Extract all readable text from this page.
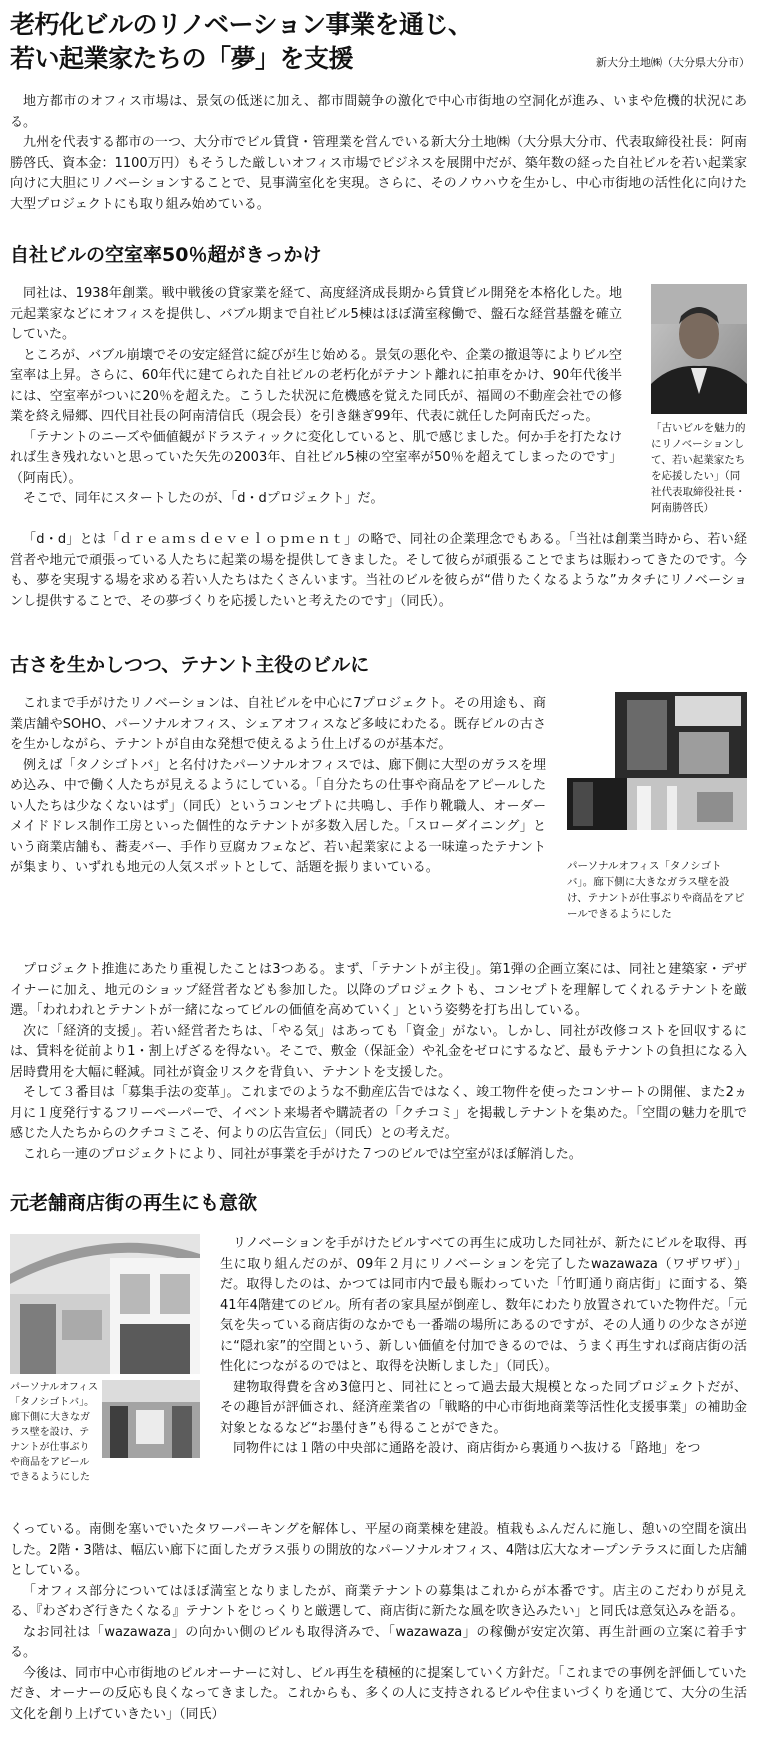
老朽化ビルのリノベーション事業を通じ、
若い起業家たちの「夢」を支援	新大分土地㈱（大分県大分市）

地方都市のオフィス市場は、景気の低迷に加え、都市間競争の激化で中心市街地の空洞化が進み、いまや危機的状況にある。

九州を代表する都市の一つ、大分市でビル賃貸・管理業を営んでいる新大分土地㈱（大分県大分市、代表取締役社長：阿南勝啓氏、資本金：1100万円）もそうした厳しいオフィス市場でビジネスを展開中だが、築年数の経った自社ビルを若い起業家向けに大胆にリノベーションすることで、見事満室化を実現。さらに、そのノウハウを生かし、中心市街地の活性化に向けた大型プロジェクトにも取り組み始めている。

自社ビルの空室率50％超がきっかけ

同社は、1938年創業。戦中戦後の貸家業を経て、高度経済成長期から賃貸ビル開発を本格化した。地元起業家などにオフィスを提供し、バブル期まで自社ビル5棟はほぼ満室稼働で、盤石な経営基盤を確立していた。

ところが、バブル崩壊でその安定経営に綻びが生じ始める。景気の悪化や、企業の撤退等によりビル空室率は上昇。さらに、60年代に建てられた自社ビルの老朽化がテナント離れに拍車をかけ、90年代後半には、空室率がついに20％を超えた。こうした状況に危機感を覚えた同氏が、福岡の不動産会社での修業を終え帰郷、四代目社長の阿南清信氏（現会長）を引き継ぎ99年、代表に就任した阿南氏だった。

「テナントのニーズや価値観がドラスティックに変化していると、肌で感じました。何か手を打たなければ生き残れないと思っていた矢先の2003年、自社ビル5棟の空室率が50％を超えてしまったのです」（阿南氏）。

そこで、同年にスタートしたのが、「d・dプロジェクト」だ。

「古いビルを魅力的にリノベーションして、若い起業家たちを応援したい」（同社代表取締役社長・阿南勝啓氏）

「d・d」とは「ｄｒｅａｍｓｄｅｖｅｌｏｐｍｅｎｔ」の略で、同社の企業理念でもある。「当社は創業当時から、若い経営者や地元で頑張っている人たちに起業の場を提供してきました。そして彼らが頑張ることでまちは賑わってきたのです。今も、夢を実現する場を求める若い人たちはたくさんいます。当社のビルを彼らが“借りたくなるような”カタチにリノベーションし提供することで、その夢づくりを応援したいと考えたのです」（同氏）。

古さを生かしつつ、テナント主役のビルに

これまで手がけたリノベーションは、自社ビルを中心に7プロジェクト。その用途も、商業店舗やSOHO、パーソナルオフィス、シェアオフィスなど多岐にわたる。既存ビルの古さを生かしながら、テナントが自由な発想で使えるよう仕上げるのが基本だ。

例えば「タノシゴトバ」と名付けたパーソナルオフィスでは、廊下側に大型のガラスを埋め込み、中で働く人たちが見えるようにしている。「自分たちの仕事や商品をアピールしたい人たちは少なくないはず」（同氏）というコンセプトに共鳴し、手作り靴職人、オーダーメイドドレス制作工房といった個性的なテナントが多数入居した。「スローダイニング」という商業店舗も、蕎麦バー、手作り豆腐カフェなど、若い起業家による一味違ったテナントが集まり、いずれも地元の人気スポットとして、話題を振りまいている。	パーソナルオフィス「タノシゴトバ」。廊下側に大きなガラス壁を設け、テナントが仕事ぶりや商品をアピールできるようにした

プロジェクト推進にあたり重視したことは3つある。まず、「テナントが主役」。第1弾の企画立案には、同社と建築家・デザイナーに加え、地元のショップ経営者なども参加した。以降のプロジェクトも、コンセプトを理解してくれるテナントを厳選。「われわれとテナントが一緒になってビルの価値を高めていく」という姿勢を打ち出している。

次に「経済的支援」。若い経営者たちは、「やる気」はあっても「資金」がない。しかし、同社が改修コストを回収するには、賃料を従前より1・割上げざるを得ない。そこで、敷金（保証金）や礼金をゼロにするなど、最もテナントの負担になる入居時費用を大幅に軽減。同社が資金リスクを背負い、テナントを支援した。

そして３番目は「募集手法の変革」。これまでのような不動産広告ではなく、竣工物件を使ったコンサートの開催、また2ヵ月に１度発行するフリーペーパーで、イベント来場者や購読者の「クチコミ」を掲載しテナントを集めた。「空間の魅力を肌で感じた人たちからのクチコミこそ、何よりの広告宣伝」（同氏）との考えだ。

これら一連のプロジェクトにより、同社が事業を手がけた７つのビルでは空室がほぼ解消した。

元老舗商店街の再生にも意欲
パーソナルオフィス「タノシゴトバ」。廊下側に大きなガラス壁を設け、テナントが仕事ぶりや商品をアピールできるようにした

リノベーションを手がけたビルすべての再生に成功した同社が、新たにビルを取得、再生に取り組んだのが、09年２月にリノベーションを完了したwazawaza（ワザワザ）」だ。取得したのは、かつては同市内で最も賑わっていた「竹町通り商店街」に面する、築41年4階建てのビル。所有者の家具屋が倒産し、数年にわたり放置されていた物件だ。「元気を失っている商店街のなかでも一番端の場所にあるのですが、その人通りの少なさが逆に“隠れ家”的空間という、新しい価値を付加できるのでは、うまく再生すれば商店街の活性化につながるのではと、取得を決断しました」（同氏）。

建物取得費を含め3億円と、同社にとって過去最大規模となった同プロジェクトだが、その趣旨が評価され、経済産業省の「戦略的中心市街地商業等活性化支援事業」の補助金対象となるなど“お墨付き”も得ることができた。

同物件には１階の中央部に通路を設け、商店街から裏通りへ抜ける「路地」をつ

くっている。南側を塞いでいたタワーパーキングを解体し、平屋の商業棟を建設。植栽もふんだんに施し、憩いの空間を演出した。2階・3階は、幅広い廊下に面したガラス張りの開放的なパーソナルオフィス、4階は広大なオープンテラスに面した店舗としている。

「オフィス部分についてはほぼ満室となりましたが、商業テナントの募集はこれからが本番です。店主のこだわりが見える、『わざわざ行きたくなる』テナントをじっくりと厳選して、商店街に新たな風を吹き込みたい」と同氏は意気込みを語る。

なお同社は「wazawaza」の向かい側のビルも取得済みで、「wazawaza」の稼働が安定次第、再生計画の立案に着手する。

今後は、同市中心市街地のビルオーナーに対し、ビル再生を積極的に提案していく方針だ。「これまでの事例を評価していただき、オーナーの反応も良くなってきました。これからも、多くの人に支持されるビルや住まいづくりを通じて、大分の生活文化を創り上げていきたい」（同氏）
